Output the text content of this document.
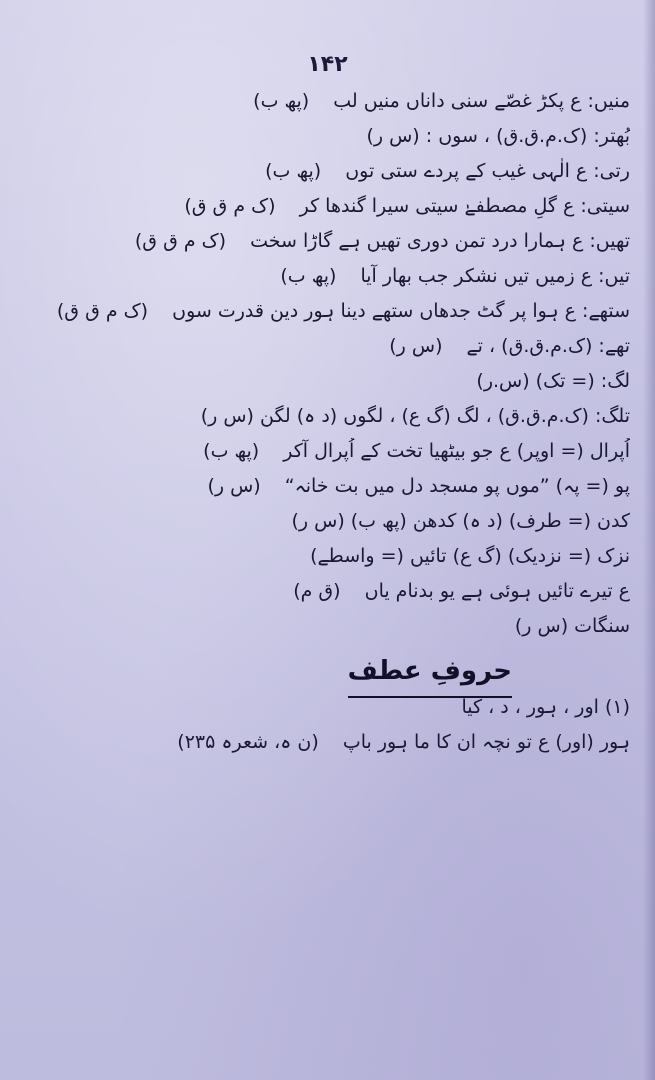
۱۴۲
منیں: ع پکڑ غصّے سنی داناں منیں لب (پھ ب)
بُھتر: (ک.م.ق.ق) ، سوں : (س ر)
رتی: ع الٰہی غیب کے پردے ستی توں (پھ ب)
سیتی: ع گلِ مصطفےٰ سیتی سیرا گندھا کر (ک م ق ق)
تھیں: ع ہمارا درد تمن دوری تھیں ہے گاڑا سخت (ک م ق ق)
تیں: ع زمیں تیں نشکر جب بھار آیا (پھ ب)
ستھے: ع ہوا پر گٹ جدھاں ستھے دینا ہور دین قدرت سوں (ک م ق ق)
تھے: (ک.م.ق.ق) ، تے (س ر)
لگ: (= تک) (س.ر)
تلگ: (ک.م.ق.ق) ، لگ (گ ع) ، لگوں (د ہ) لگن (س ر)
اُپرال (= اوپر) ع جو بیٹھیا تخت کے اُپرال آکر (پھ ب)
پو (= پہ) ”موں پو مسجد دل میں بت خانہ“ (س ر)
کدن (= طرف) (د ہ) کدھن (پھ ب) (س ر)
نزک (= نزدیک) (گ ع) تائیں (= واسطے)
ع تیرے تائیں ہوئی ہے یو بدنام یاں (ق م)
سنگات (س ر)
حروفِ عطف
(۱) اور ، ہور ، د ، کیا
ہور (اور) ع تو نچہ ان کا ما ہور باپ (ن ہ، شعرہ ۲۳۵)
